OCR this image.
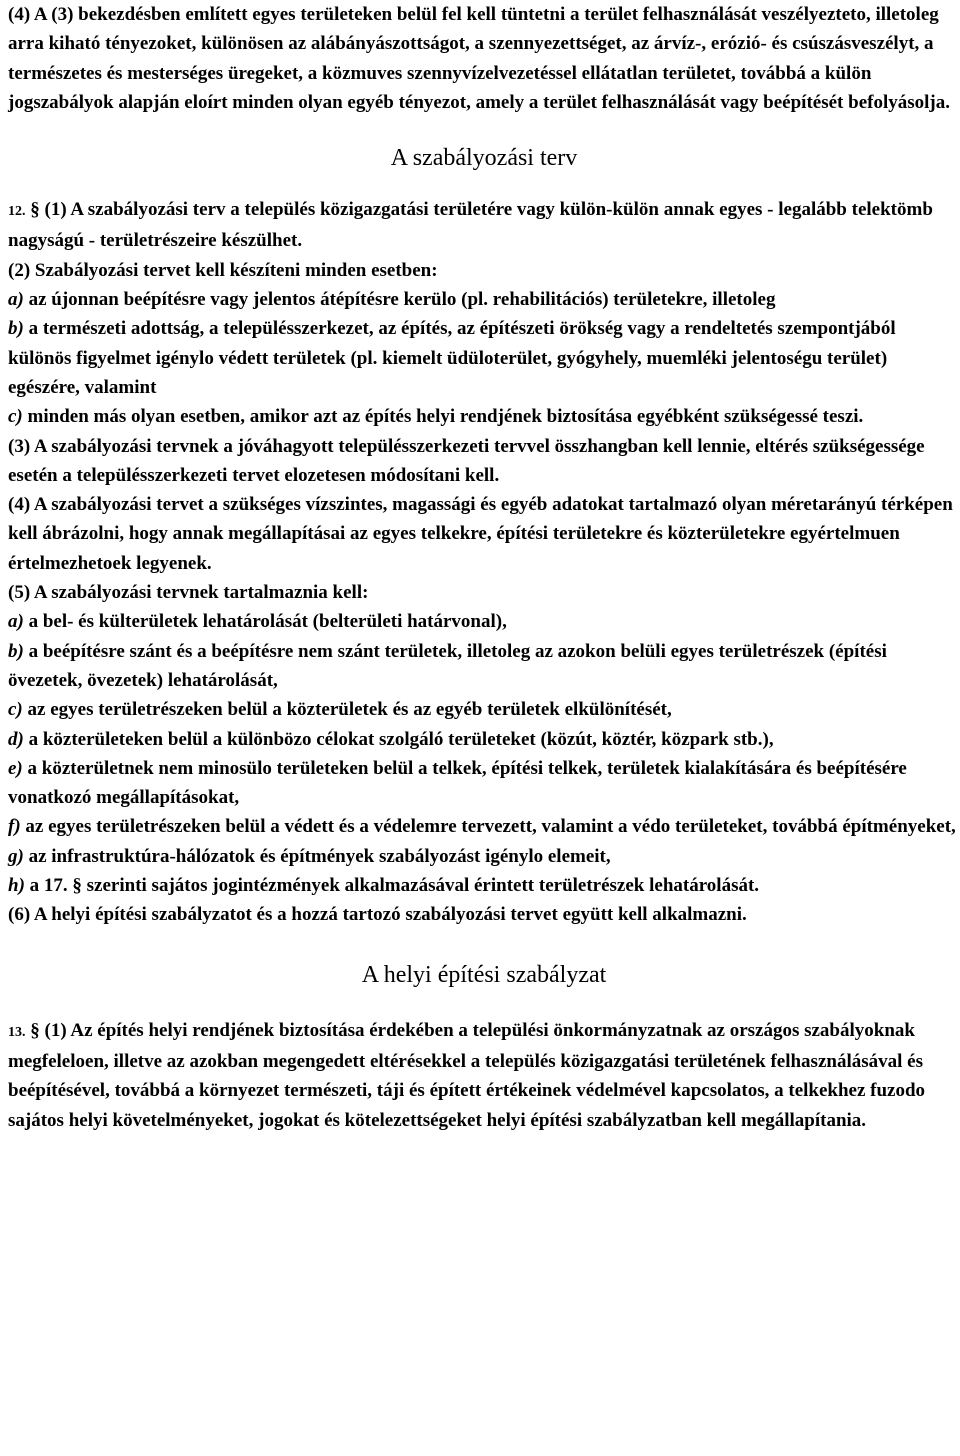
(4) A (3) bekezdésben említett egyes területeken belül fel kell tüntetni a terület felhasználását veszélyezteto, illetoleg arra kiható tényezoket, különösen az alábányászottságot, a szennyezettséget, az árvíz-, erózió- és csúszásveszélyt, a természetes és mesterséges üregeket, a közmuves szennyvízelvezetéssel ellátatlan területet, továbbá a külön jogszabályok alapján eloírt minden olyan egyéb tényezot, amely a terület felhasználását vagy beépítését befolyásolja.

A szabályozási terv

12. § (1) A szabályozási terv a település közigazgatási területére vagy külön-külön annak egyes - legalább telektömb nagyságú - területrészeire készülhet.

(2) Szabályozási tervet kell készíteni minden esetben:

a) az újonnan beépítésre vagy jelentos átépítésre kerülo (pl. rehabilitációs) területekre, illetoleg

b) a természeti adottság, a településszerkezet, az építés, az építészeti örökség vagy a rendeltetés szempontjából különös figyelmet igénylo védett területek (pl. kiemelt üdüloterület, gyógyhely, muemléki jelentoségu terület) egészére, valamint

c) minden más olyan esetben, amikor azt az építés helyi rendjének biztosítása egyébként szükségessé teszi.

(3) A szabályozási tervnek a jóváhagyott településszerkezeti tervvel összhangban kell lennie, eltérés szükségessége esetén a településszerkezeti tervet elozetesen módosítani kell.

(4) A szabályozási tervet a szükséges vízszintes, magassági és egyéb adatokat tartalmazó olyan méretarányú térképen kell ábrázolni, hogy annak megállapításai az egyes telkekre, építési területekre és közterületekre egyértelmuen értelmezhetoek legyenek.

(5) A szabályozási tervnek tartalmaznia kell:

a) a bel- és külterületek lehatárolását (belterületi határvonal),

b) a beépítésre szánt és a beépítésre nem szánt területek, illetoleg az azokon belüli egyes területrészek (építési övezetek, övezetek) lehatárolását,

c) az egyes területrészeken belül a közterületek és az egyéb területek elkülönítését,

d) a közterületeken belül a különbözo célokat szolgáló területeket (közút, köztér, közpark stb.),

e) a közterületnek nem minosülo területeken belül a telkek, építési telkek, területek kialakítására és beépítésére vonatkozó megállapításokat,

f) az egyes területrészeken belül a védett és a védelemre tervezett, valamint a védo területeket, továbbá építményeket,

g) az infrastruktúra-hálózatok és építmények szabályozást igénylo elemeit,

h) a 17. § szerinti sajátos jogintézmények alkalmazásával érintett területrészek lehatárolását.

(6) A helyi építési szabályzatot és a hozzá tartozó szabályozási tervet együtt kell alkalmazni.

A helyi építési szabályzat

13. § (1) Az építés helyi rendjének biztosítása érdekében a települési önkormányzatnak az országos szabályoknak megfeleloen, illetve az azokban megengedett eltérésekkel a település közigazgatási területének felhasználásával és beépítésével, továbbá a környezet természeti, táji és épített értékeinek védelmével kapcsolatos, a telkekhez fuzodo sajátos helyi követelményeket, jogokat és kötelezettségeket helyi építési szabályzatban kell megállapítania.
